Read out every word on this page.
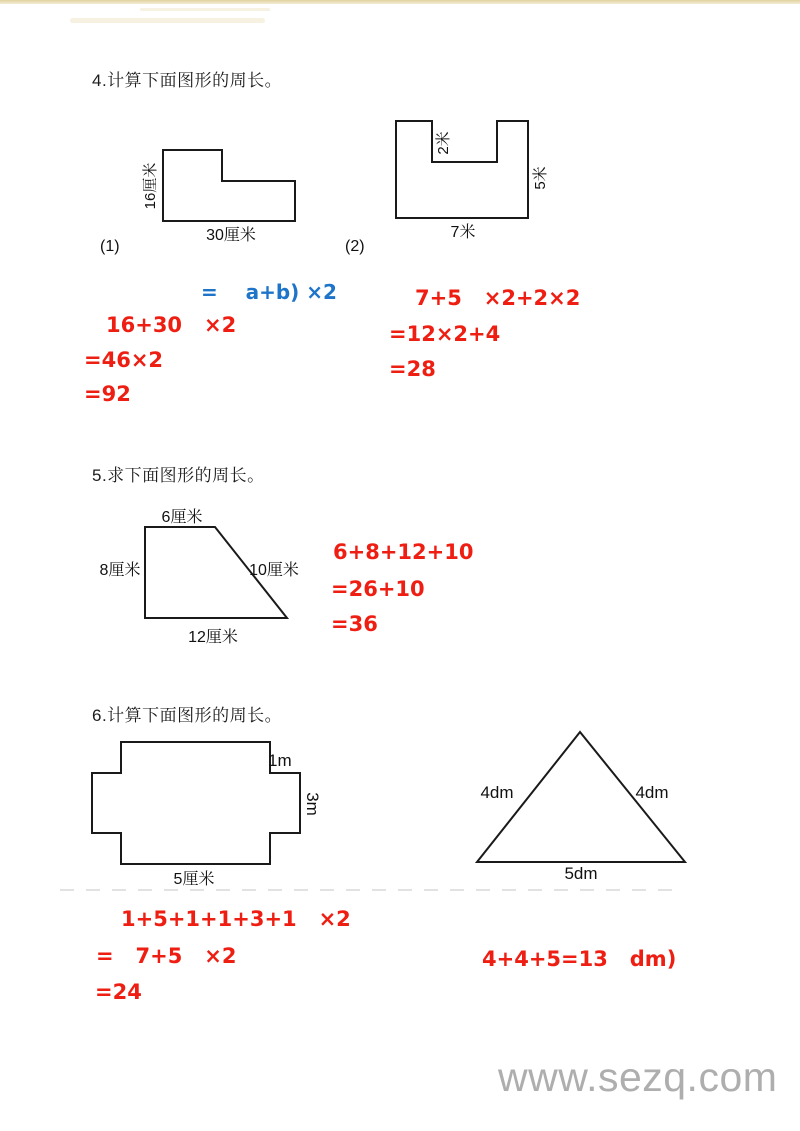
4.计算下面图形的周长。
16厘米
30厘米
(1)
2米
5米
7米
(2)
=    a+b) ×2
16+30   ×2
=46×2
=92
7+5   ×2+2×2
=12×2+4
=28
5.求下面图形的周长。
6厘米
8厘米	10厘米
12厘米
6+8+12+10
=26+10
=36
6.计算下面图形的周长。
1m
3m
5厘米
4dm	4dm
5dm
1+5+1+1+3+1   ×2
=   7+5   ×2
=24
4+4+5=13   dm)
www.sezq.com
